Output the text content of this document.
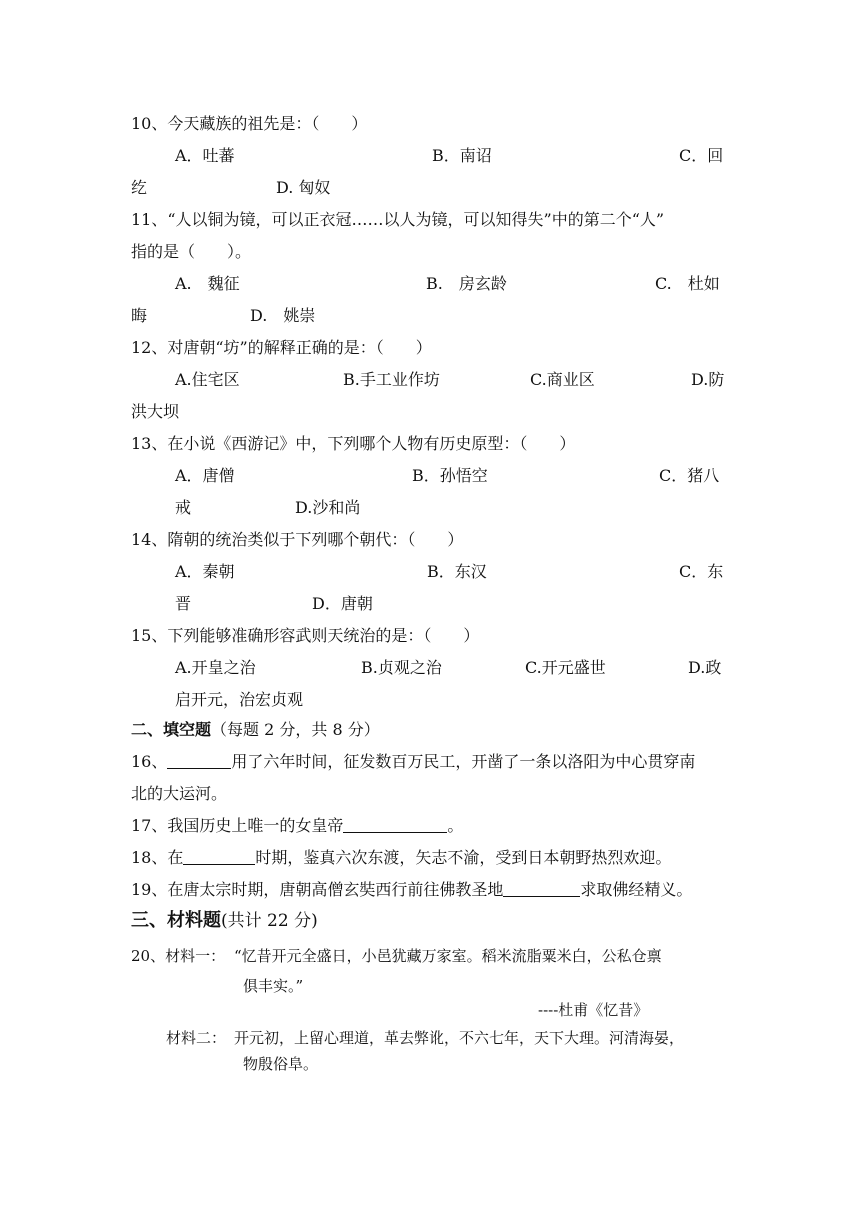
10、今天藏族的祖先是：（　　）
A．吐蕃	B．南诏	C．回
纥	D. 匈奴
11、“人以铜为镜，可以正衣冠……以人为镜，可以知得失”中的第二个“人”
指的是（　　）。
A.　魏征	B.　房玄龄	C.　杜如
晦	D.　姚崇
12、对唐朝“坊”的解释正确的是：（　　）
A.住宅区	B.手工业作坊	C.商业区	D.防
洪大坝
13、在小说《西游记》中，下列哪个人物有历史原型：（　　）
A．唐僧	B．孙悟空	C．猪八
戒	D.沙和尚
14、隋朝的统治类似于下列哪个朝代：（　　）
A．秦朝	B．东汉	C．东
晋	D．唐朝
15、下列能够准确形容武则天统治的是：（　　）
A.开皇之治	B.贞观之治	C.开元盛世	D.政
启开元，治宏贞观
二、填空题（每题 2 分，共 8 分）
16、	用了六年时间，征发数百万民工，开凿了一条以洛阳为中心贯穿南
北的大运河。
17、我国历史上唯一的女皇帝	。
18、在	时期，鉴真六次东渡，矢志不渝，受到日本朝野热烈欢迎。
19、在唐太宗时期，唐朝高僧玄奘西行前往佛教圣地	求取佛经精义。
三、材料题(共计 22 分)
20、材料一： “忆昔开元全盛日，小邑犹藏万家室。稻米流脂粟米白，公私仓禀
俱丰实。”
----杜甫《忆昔》
材料二： 开元初，上留心理道，革去弊讹，不六七年，天下大理。河清海晏，
物殷俗阜。
